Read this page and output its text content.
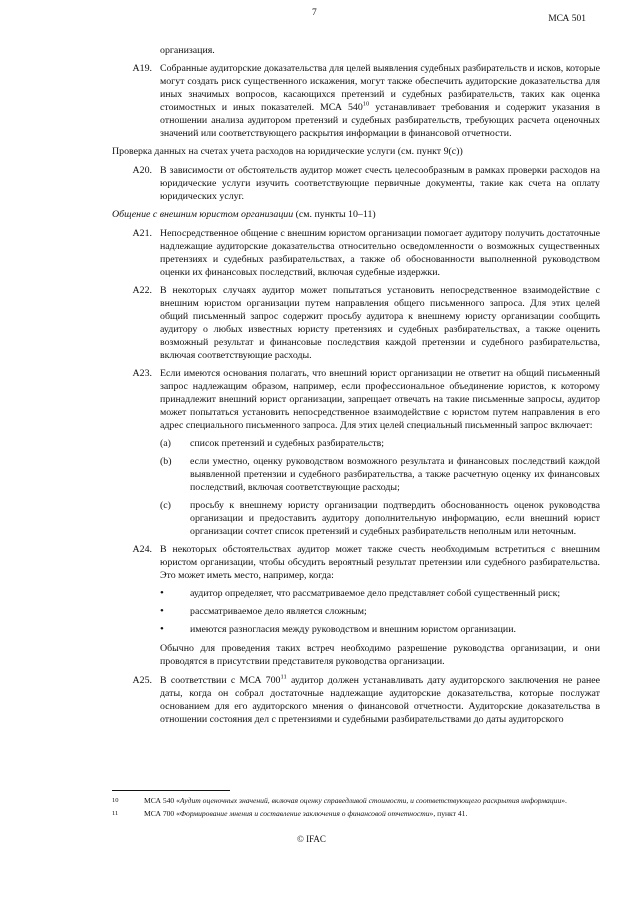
7
МСА 501
организация.
A19. Собранные аудиторские доказательства для целей выявления судебных разбирательств и исков, которые могут создать риск существенного искажения, могут также обеспечить аудиторские доказательства для иных значимых вопросов, касающихся претензий и судебных разбирательств, таких как оценка стоимостных и иных показателей. МСА $540^{10}$ устанавливает требования и содержит указания в отношении анализа аудитором претензий и судебных разбирательств, требующих расчета оценочных значений или соответствующего раскрытия информации в финансовой отчетности.
Проверка данных на счетах учета расходов на юридические услуги (см. пункт 9(c))
A20. В зависимости от обстоятельств аудитор может счесть целесообразным в рамках проверки расходов на юридические услуги изучить соответствующие первичные документы, такие как счета на оплату юридических услуг.
Общение с внешним юристом организации (см. пункты 10–11)
A21. Непосредственное общение с внешним юристом организации помогает аудитору получить достаточные надлежащие аудиторские доказательства относительно осведомленности о возможных существенных претензиях и судебных разбирательствах, а также об обоснованности выполненной руководством оценки их финансовых последствий, включая судебные издержки.
A22. В некоторых случаях аудитор может попытаться установить непосредственное взаимодействие с внешним юристом организации путем направления общего письменного запроса. Для этих целей общий письменный запрос содержит просьбу аудитора к внешнему юристу организации сообщить аудитору о любых известных юристу претензиях и судебных разбирательствах, а также оценить возможный результат и финансовые последствия каждой претензии и судебного разбирательства, включая соответствующие расходы.
A23. Если имеются основания полагать, что внешний юрист организации не ответит на общий письменный запрос надлежащим образом, например, если профессиональное объединение юристов, к которому принадлежит внешний юрист организации, запрещает отвечать на такие письменные запросы, аудитор может попытаться установить непосредственное взаимодействие с юристом путем направления в его адрес специального письменного запроса. Для этих целей специальный письменный запрос включает:
(a)	список претензий и судебных разбирательств;
(b)	если уместно, оценку руководством возможного результата и финансовых последствий каждой выявленной претензии и судебного разбирательства, а также расчетную оценку их финансовых последствий, включая соответствующие расходы;
(c)	просьбу к внешнему юристу организации подтвердить обоснованность оценок руководства организации и предоставить аудитору дополнительную информацию, если внешний юрист организации сочтет список претензий и судебных разбирательств неполным или неточным.
A24. В некоторых обстоятельствах аудитор может также счесть необходимым встретиться с внешним юристом организации, чтобы обсудить вероятный результат претензии или судебного разбирательства. Это может иметь место, например, когда:
•	аудитор определяет, что рассматриваемое дело представляет собой существенный риск;
•	рассматриваемое дело является сложным;
•	имеются разногласия между руководством и внешним юристом организации.
Обычно для проведения таких встреч необходимо разрешение руководства организации, и они проводятся в присутствии представителя руководства организации.
A25. В соответствии с МСА $700^{11}$ аудитор должен устанавливать дату аудиторского заключения не ранее даты, когда он собрал достаточные надлежащие аудиторские доказательства, которые послужат основанием для его аудиторского мнения о финансовой отчетности. Аудиторские доказательства в отношении состояния дел с претензиями и судебными разбирательствами до даты аудиторского
10	МСА 540 «Аудит оценочных значений, включая оценку справедливой стоимости, и соответствующего раскрытия информации».
11	МСА 700 «Формирование мнения и составление заключения о финансовой отчетности», пункт 41.
© IFAC
